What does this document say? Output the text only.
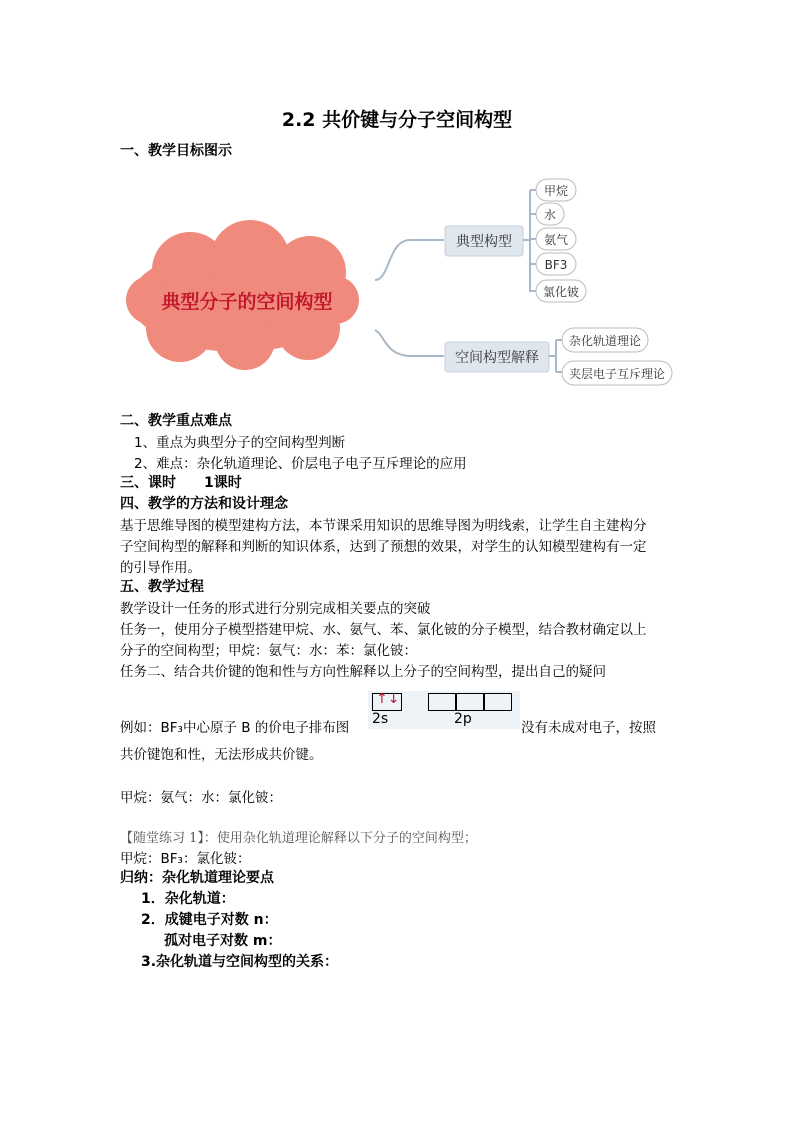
2.2 共价键与分子空间构型
一、教学目标图示
典型分子的空间构型
典型构型
甲烷
水
氨气
BF3
氯化铍
空间构型解释
杂化轨道理论
夹层电子互斥理论
二、教学重点难点
1、重点为典型分子的空间构型判断
2、难点：杂化轨道理论、价层电子电子互斥理论的应用
三、课时　　1课时
四、教学的方法和设计理念
基于思维导图的模型建构方法，本节课采用知识的思维导图为明线索，让学生自主建构分
子空间构型的解释和判断的知识体系，达到了预想的效果，对学生的认知模型建构有一定
的引导作用。
五、教学过程
教学设计一任务的形式进行分别完成相关要点的突破
任务一，使用分子模型搭建甲烷、水、氨气、苯、氯化铍的分子模型，结合教材确定以上
分子的空间构型；甲烷：氨气：水：苯：氯化铍：
任务二、结合共价键的饱和性与方向性解释以上分子的空间构型，提出自己的疑问
↑↓
2s	2p
例如：BF₃中心原子 B 的价电子排布图	没有未成对电子，按照
共价键饱和性，无法形成共价键。
甲烷：氨气：水：氯化铍：
【随堂练习 1】：使用杂化轨道理论解释以下分子的空间构型；
甲烷：BF₃：氯化铍：
归纳：杂化轨道理论要点
1．杂化轨道：
2．成键电子对数 n：
孤对电子对数 m：
3.杂化轨道与空间构型的关系：
